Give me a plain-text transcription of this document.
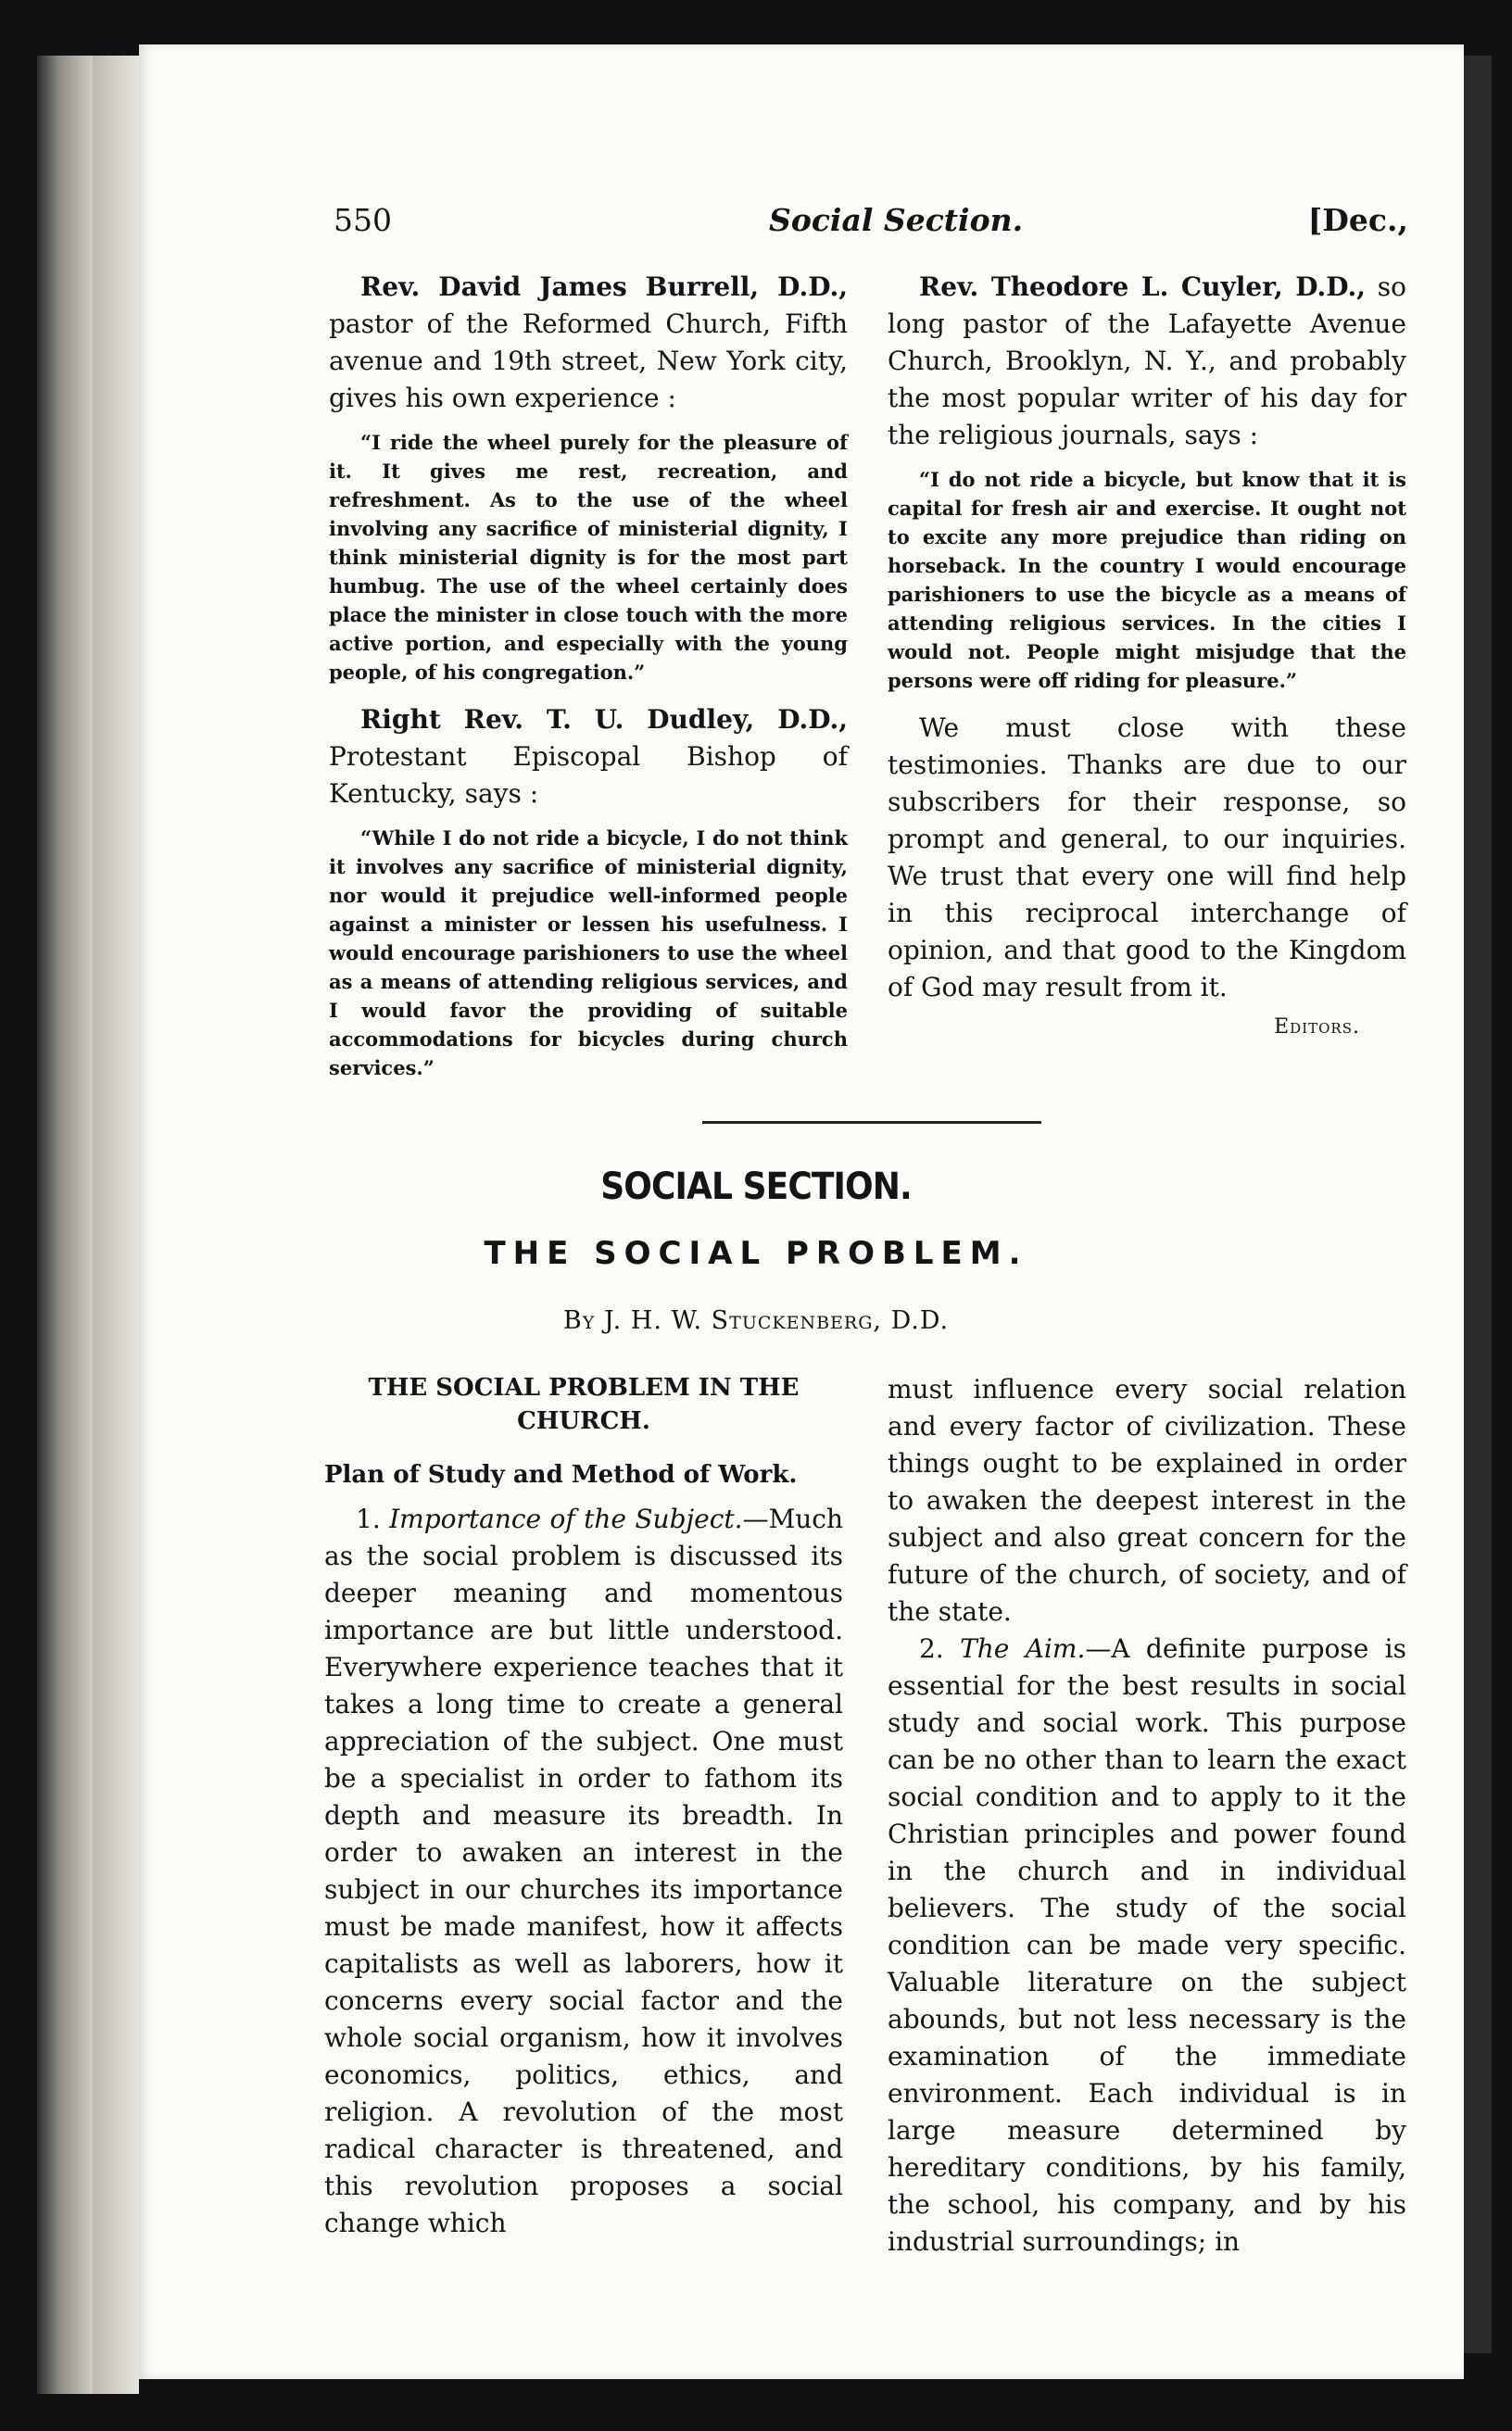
550	Social Section.	[Dec.,

Rev. David James Burrell, D.D., pastor of the Reformed Church, Fifth avenue and 19th street, New York city, gives his own experience :

“I ride the wheel purely for the pleasure of it. It gives me rest, recreation, and refreshment. As to the use of the wheel involving any sacrifice of ministerial dignity, I think ministerial dignity is for the most part humbug. The use of the wheel certainly does place the minister in close touch with the more active portion, and especially with the young people, of his congregation.”

Right Rev. T. U. Dudley, D.D., Protestant Episcopal Bishop of Kentucky, says :

“While I do not ride a bicycle, I do not think it involves any sacrifice of ministerial dignity, nor would it prejudice well-informed people against a minister or lessen his usefulness. I would encourage parishioners to use the wheel as a means of attending religious services, and I would favor the providing of suitable accommodations for bicycles during church services.”

Rev. Theodore L. Cuyler, D.D., so long pastor of the Lafayette Avenue Church, Brooklyn, N. Y., and probably the most popular writer of his day for the religious journals, says :

“I do not ride a bicycle, but know that it is capital for fresh air and exercise. It ought not to excite any more prejudice than riding on horseback. In the country I would encourage parishioners to use the bicycle as a means of attending religious services. In the cities I would not. People might misjudge that the persons were off riding for pleasure.”

We must close with these testimonies. Thanks are due to our subscribers for their response, so prompt and general, to our inquiries. We trust that every one will find help in this reciprocal interchange of opinion, and that good to the Kingdom of God may result from it.

Editors.
SOCIAL SECTION.
THE SOCIAL PROBLEM.
By J. H. W. Stuckenberg, D.D.

THE SOCIAL PROBLEM IN THE CHURCH.

Plan of Study and Method of Work.

1. Importance of the Subject.—Much as the social problem is discussed its deeper meaning and momentous importance are but little understood. Everywhere experience teaches that it takes a long time to create a general appreciation of the subject. One must be a specialist in order to fathom its depth and measure its breadth. In order to awaken an interest in the subject in our churches its importance must be made manifest, how it affects capitalists as well as laborers, how it concerns every social factor and the whole social organism, how it involves economics, politics, ethics, and religion. A revolution of the most radical character is threatened, and this revolution proposes a social change which

must influence every social relation and every factor of civilization. These things ought to be explained in order to awaken the deepest interest in the subject and also great concern for the future of the church, of society, and of the state.

2. The Aim.—A definite purpose is essential for the best results in social study and social work. This purpose can be no other than to learn the exact social condition and to apply to it the Christian principles and power found in the church and in individual believers. The study of the social condition can be made very specific. Valuable literature on the subject abounds, but not less necessary is the examination of the immediate environment. Each individual is in large measure determined by hereditary conditions, by his family, the school, his company, and by his industrial surroundings; in
